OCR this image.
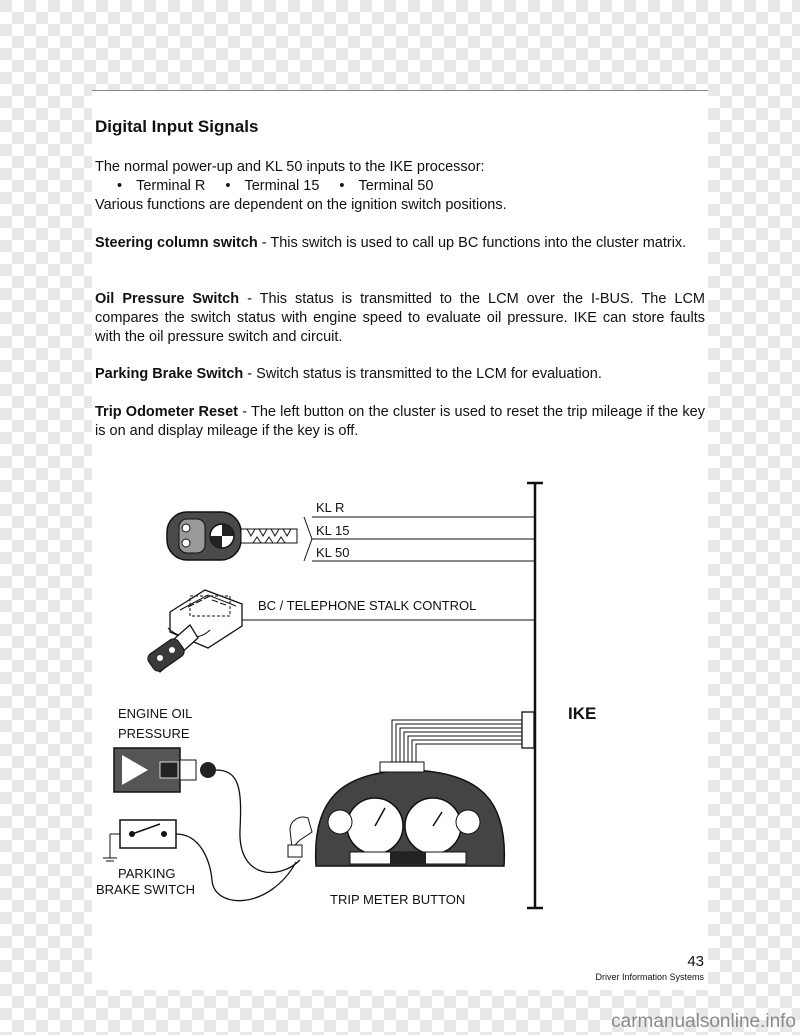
Digital Input Signals
The normal power-up and KL 50 inputs to the IKE processor:
• Terminal R	• Terminal 15	• Terminal 50
Various functions are dependent on the ignition switch positions.
Steering column switch - This switch is used to call up BC functions into the cluster matrix.
Oil Pressure Switch - This status is transmitted to the LCM over the I-BUS. The LCM compares the switch status with engine speed to evaluate oil pressure. IKE can store faults with the oil pressure switch and circuit.
Parking Brake Switch - Switch status is transmitted to the LCM for evaluation.
Trip Odometer Reset - The left button on the cluster is used to reset the trip mileage if the key is on and display mileage if the key is off.
KL R
KL 15
KL 50
BC / TELEPHONE STALK CONTROL
IKE
ENGINE OIL
PRESSURE
PARKING
BRAKE SWITCH
TRIP METER BUTTON
43
Driver Information Systems
carmanualsonline.info
